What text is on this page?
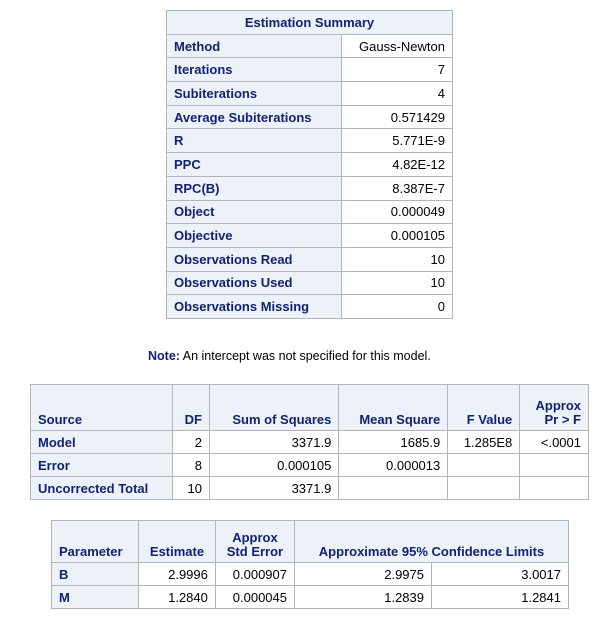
Estimation Summary	
Method	Gauss-Newton
Iterations	7
Subiterations	4
Average Subiterations	0.571429
R	5.771E-9
PPC	4.82E-12
RPC(B)	8.387E-7
Object	0.000049
Objective	0.000105
Observations Read	10
Observations Used	10
Observations Missing	0
Note: An intercept was not specified for this model.
Source	DF	Sum of Squares	Mean Square	F Value	Approx
Pr > F
Model	2	3371.9	1685.9	1.285E8	<.0001
Error	8	0.000105	0.000013		
Uncorrected Total	10	3371.9			
Parameter	Estimate	Approx
Std Error	Approximate 95% Confidence Limits	
B	2.9996	0.000907	2.9975	3.0017
M	1.2840	0.000045	1.2839	1.2841
